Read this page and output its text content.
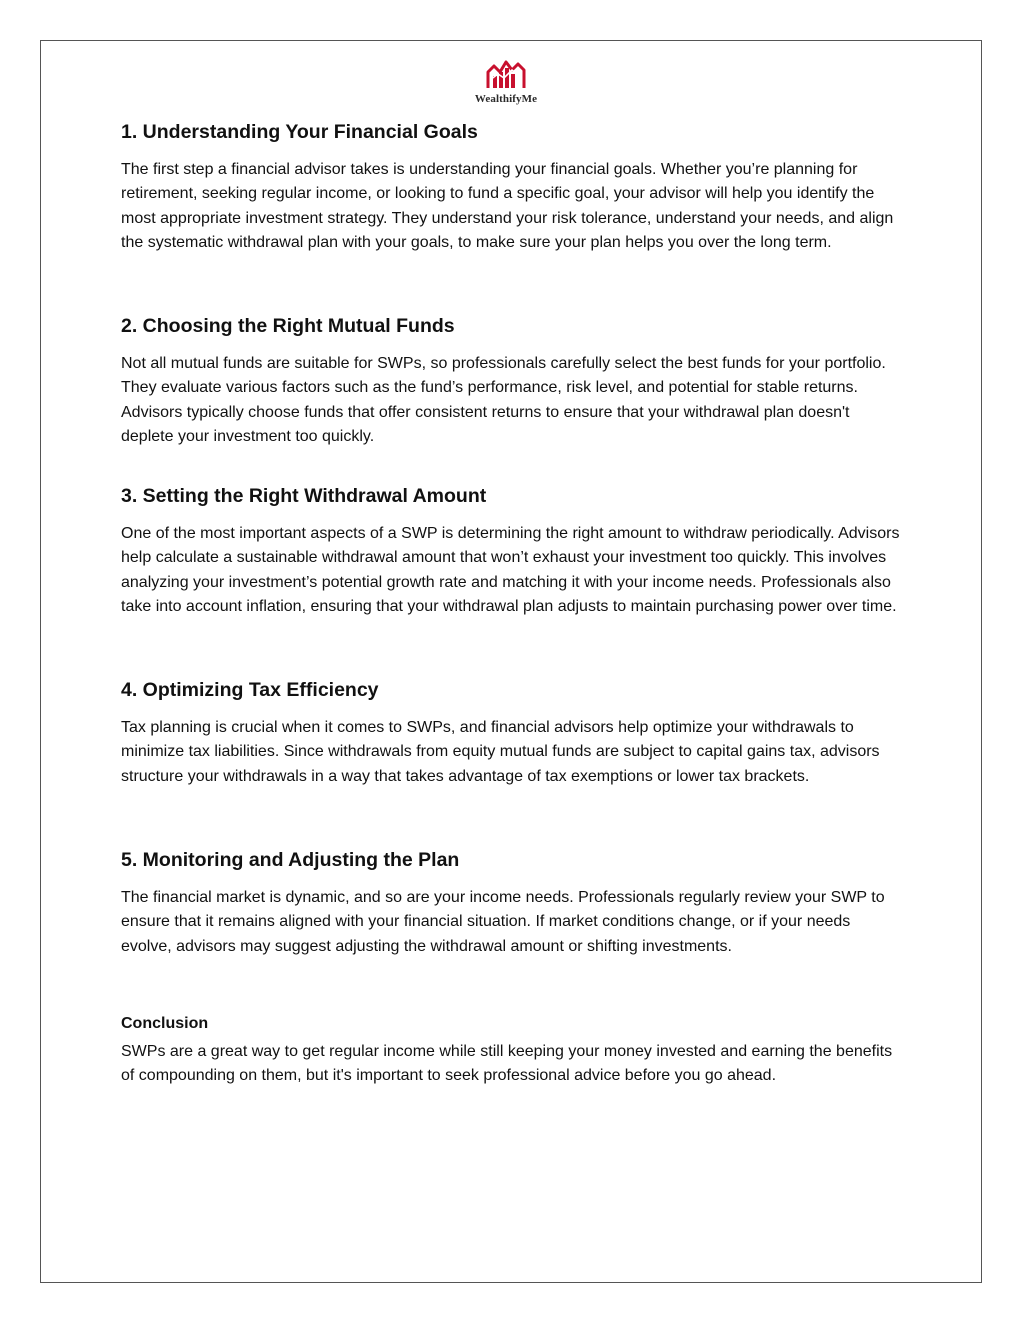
WealthifyMe
1. Understanding Your Financial Goals

The first step a financial advisor takes is understanding your financial goals. Whether you’re planning for retirement, seeking regular income, or looking to fund a specific goal, your advisor will help you identify the most appropriate investment strategy. They understand your risk tolerance, understand your needs, and align the systematic withdrawal plan with your goals, to make sure your plan helps you over the long term.

2. Choosing the Right Mutual Funds

Not all mutual funds are suitable for SWPs, so professionals carefully select the best funds for your portfolio. They evaluate various factors such as the fund’s performance, risk level, and potential for stable returns. Advisors typically choose funds that offer consistent returns to ensure that your withdrawal plan doesn't deplete your investment too quickly.

3. Setting the Right Withdrawal Amount

One of the most important aspects of a SWP is determining the right amount to withdraw periodically. Advisors help calculate a sustainable withdrawal amount that won’t exhaust your investment too quickly. This involves analyzing your investment’s potential growth rate and matching it with your income needs. Professionals also take into account inflation, ensuring that your withdrawal plan adjusts to maintain purchasing power over time.

4. Optimizing Tax Efficiency

Tax planning is crucial when it comes to SWPs, and financial advisors help optimize your withdrawals to minimize tax liabilities. Since withdrawals from equity mutual funds are subject to capital gains tax, advisors structure your withdrawals in a way that takes advantage of tax exemptions or lower tax brackets.

5. Monitoring and Adjusting the Plan

The financial market is dynamic, and so are your income needs. Professionals regularly review your SWP to ensure that it remains aligned with your financial situation. If market conditions change, or if your needs evolve, advisors may suggest adjusting the withdrawal amount or shifting investments.

Conclusion

SWPs are a great way to get regular income while still keeping your money invested and earning the benefits of compounding on them, but it's important to seek professional advice before you go ahead.
